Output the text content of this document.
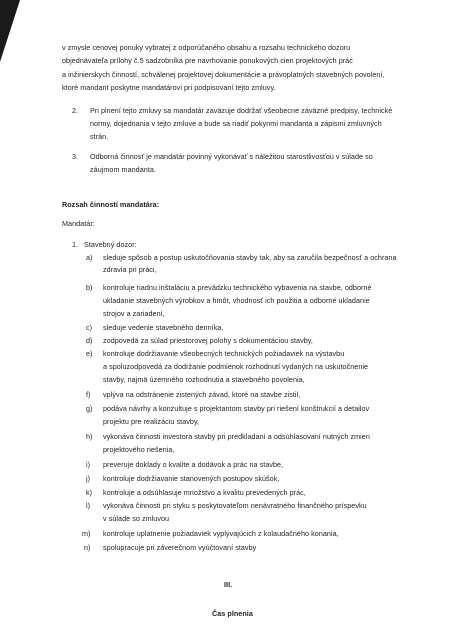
v zmysle cenovej ponuky vybratej z odporúčaného obsahu a rozsahu technického dozoru
objednávateľa prílohy č.5 sadzobníka pre navrhovanie ponukových cien projektových prác
a inžinierskych činností, schválenej projektovej dokumentácie a právoplatných stavebných povolení,
ktoré mandant poskytne mandatárovi pri podpisovaní tejto zmluvy.
2. Pri plnení tejto zmluvy sa mandatár zaväzuje dodržať všeobecne záväzné predpisy, technické
normy, dojednania v tejto zmluve a bude sa riadiť pokynmi mandanta a zápismi zmluvných
strán.
3. Odborná činnosť je mandatár povinný vykonávať s náležitou starostlivosťou v súlade so
záujmom mandanta.
Rozsah činností mandatára:
Mandatár:
1. Stavebný dozor:
a) sleduje spôsob a postup uskutočňovania stavby tak, aby sa zaručila bezpečnosť a ochrana
zdravia pri práci,
b) kontroluje riadnu inštaláciu a prevádzku technického vybavenia na stavbe, odborné
ukladanie stavebných výrobkov a hmôt, vhodnosť ich použitia a odborné ukladanie
strojov a zariadení,
c) sleduje vedenie stavebného denníka,
d) zodpovedá za súlad priestorovej polohy s dokumentáciou stavby,
e) kontroluje dodržiavanie všeobecných technických požiadaviek na výstavbu
a spoluzodpovedá za dodržanie podmienok rozhodnutí vydaných na uskutočnenie
stavby, najmä územného rozhodnutia a stavebného povolenia,
f) vplýva na odstránenie zistených závad, ktoré na stavbe zistil,
g) podáva návrhy a konzultuje s projektantom stavby pri riešení konštrukcií a detailov
projektu pre realizáciu stavby,
h) vykonáva činnosti investora stavby pri predkladaní a odsúhlasovaní nutných zmien
projektového riešenia,
i) preveruje doklady o kvalite a dodávok a prác na stavbe,
j) kontroluje dodržiavanie stanovených postupov skúšok,
k) kontroluje a odsúhlasuje množstvo a kvalitu prevedených prác,
l) vykonáva činnosti pri styku s poskytovateľom nenávratného finančného príspevku
v súlade so zmluvou
m) kontroluje uplatnenie požiadaviek vyplývajúcich z kolaudačného konania,
n) spolupracuje pri záverečnom vyúčtovaní stavby
III.
Čas plnenia
